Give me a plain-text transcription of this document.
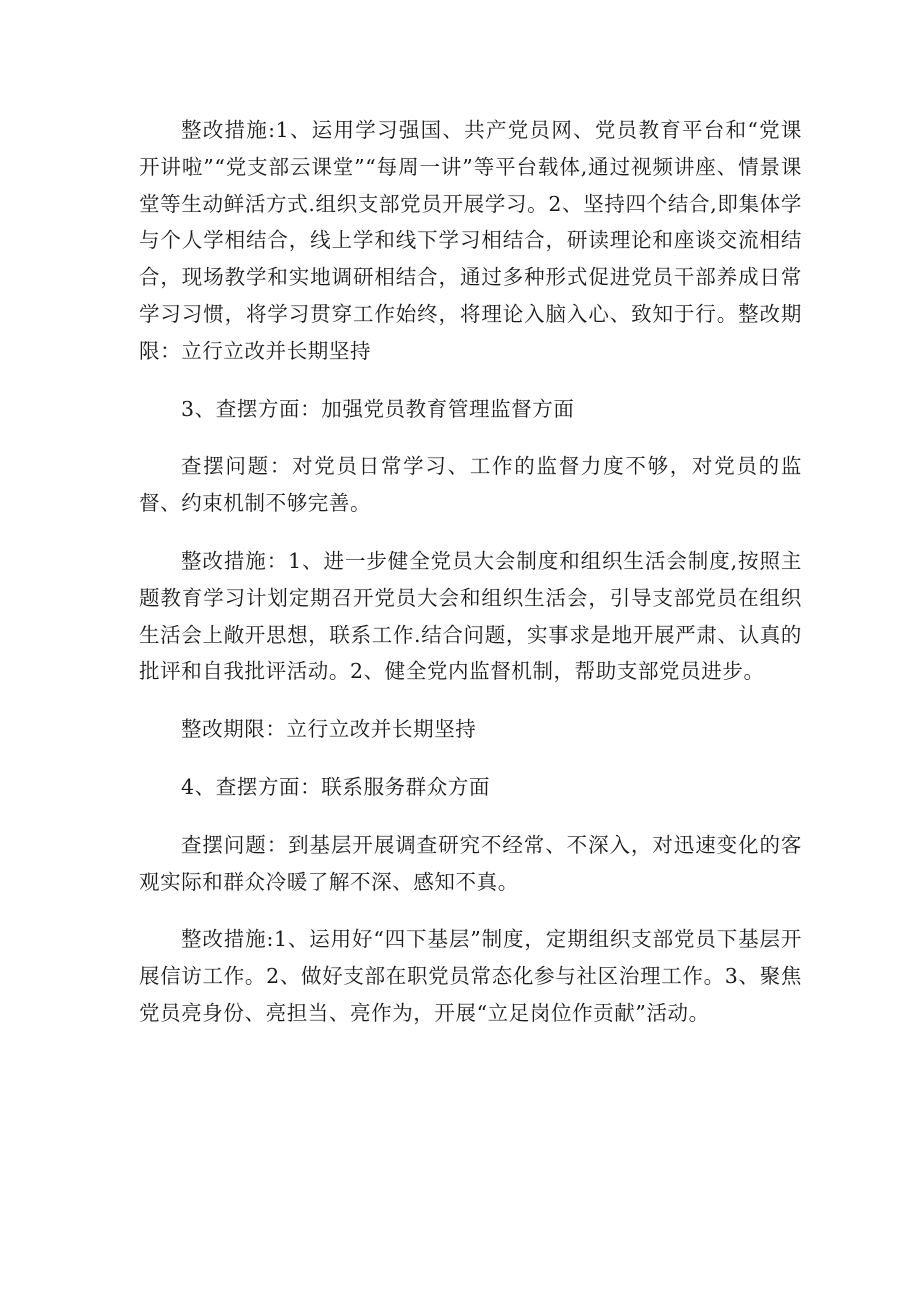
整改措施:1、运用学习强国、共产党员网、党员教育平台和“党课开讲啦”“党支部云课堂”“每周一讲”等平台载体,通过视频讲座、情景课堂等生动鲜活方式.组织支部党员开展学习。2、坚持四个结合,即集体学与个人学相结合，线上学和线下学习相结合，研读理论和座谈交流相结合，现场教学和实地调研相结合，通过多种形式促进党员干部养成日常学习习惯，将学习贯穿工作始终，将理论入脑入心、致知于行。整改期限：立行立改并长期坚持

3、查摆方面：加强党员教育管理监督方面

查摆问题：对党员日常学习、工作的监督力度不够，对党员的监督、约束机制不够完善。

整改措施：1、进一步健全党员大会制度和组织生活会制度,按照主题教育学习计划定期召开党员大会和组织生活会，引导支部党员在组织生活会上敞开思想，联系工作.结合问题，实事求是地开展严肃、认真的批评和自我批评活动。2、健全党内监督机制，帮助支部党员进步。

整改期限：立行立改并长期坚持

4、查摆方面：联系服务群众方面

查摆问题：到基层开展调查研究不经常、不深入，对迅速变化的客观实际和群众冷暖了解不深、感知不真。

整改措施:1、运用好“四下基层”制度，定期组织支部党员下基层开展信访工作。2、做好支部在职党员常态化参与社区治理工作。3、聚焦党员亮身份、亮担当、亮作为，开展“立足岗位作贡献”活动。
